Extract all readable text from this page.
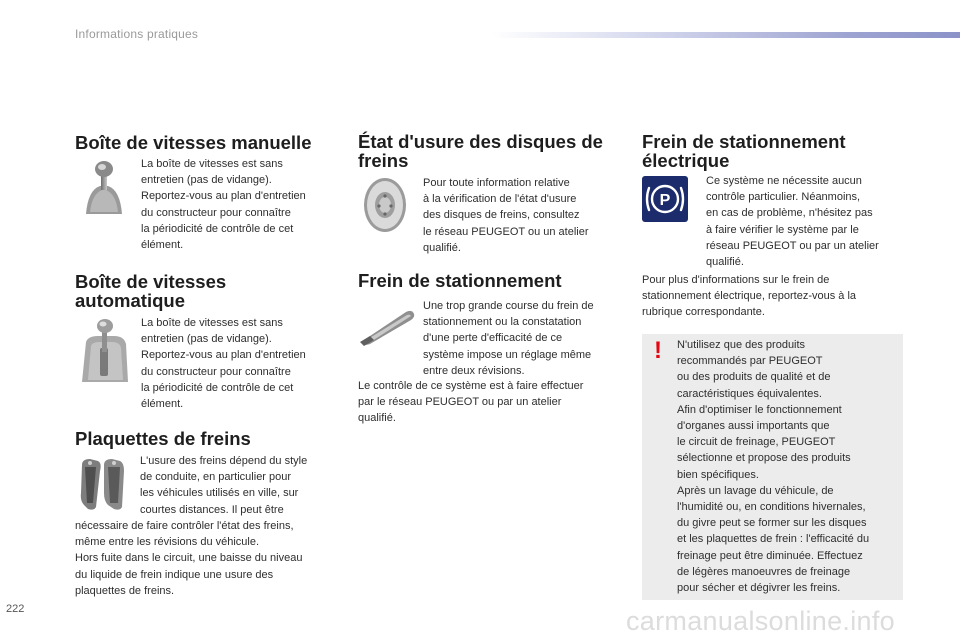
Informations pratiques
Boîte de vitesses manuelle

La boîte de vitesses est sans
entretien (pas de vidange).
Reportez-vous au plan d'entretien
du constructeur pour connaître
la périodicité de contrôle de cet
élément.

Boîte de vitesses
automatique

La boîte de vitesses est sans
entretien (pas de vidange).
Reportez-vous au plan d'entretien
du constructeur pour connaître
la périodicité de contrôle de cet
élément.

Plaquettes de freins

L'usure des freins dépend du style
de conduite, en particulier pour
les véhicules utilisés en ville, sur
courtes distances. Il peut être

nécessaire de faire contrôler l'état des freins,
même entre les révisions du véhicule.
Hors fuite dans le circuit, une baisse du niveau
du liquide de frein indique une usure des
plaquettes de freins.

État d'usure des disques de
freins

Pour toute information relative
à la vérification de l'état d'usure
des disques de freins, consultez
le réseau PEUGEOT ou un atelier
qualifié.

Frein de stationnement

Une trop grande course du frein de
stationnement ou la constatation
d'une perte d'efficacité de ce
système impose un réglage même
entre deux révisions.

Le contrôle de ce système est à faire effectuer
par le réseau PEUGEOT ou par un atelier
qualifié.

Frein de stationnement
électrique
P

Ce système ne nécessite aucun
contrôle particulier. Néanmoins,
en cas de problème, n'hésitez pas
à faire vérifier le système par le
réseau PEUGEOT ou par un atelier
qualifié.

Pour plus d'informations sur le frein de
stationnement électrique, reportez-vous à la
rubrique correspondante.

! N'utilisez que des produits
recommandés par PEUGEOT
ou des produits de qualité et de
caractéristiques équivalentes.
Afin d'optimiser le fonctionnement
d'organes aussi importants que
le circuit de freinage, PEUGEOT
sélectionne et propose des produits
bien spécifiques.
Après un lavage du véhicule, de
l'humidité ou, en conditions hivernales,
du givre peut se former sur les disques
et les plaquettes de frein : l'efficacité du
freinage peut être diminuée. Effectuez
de légères manoeuvres de freinage
pour sécher et dégivrer les freins.

222	carmanualsonline.info
